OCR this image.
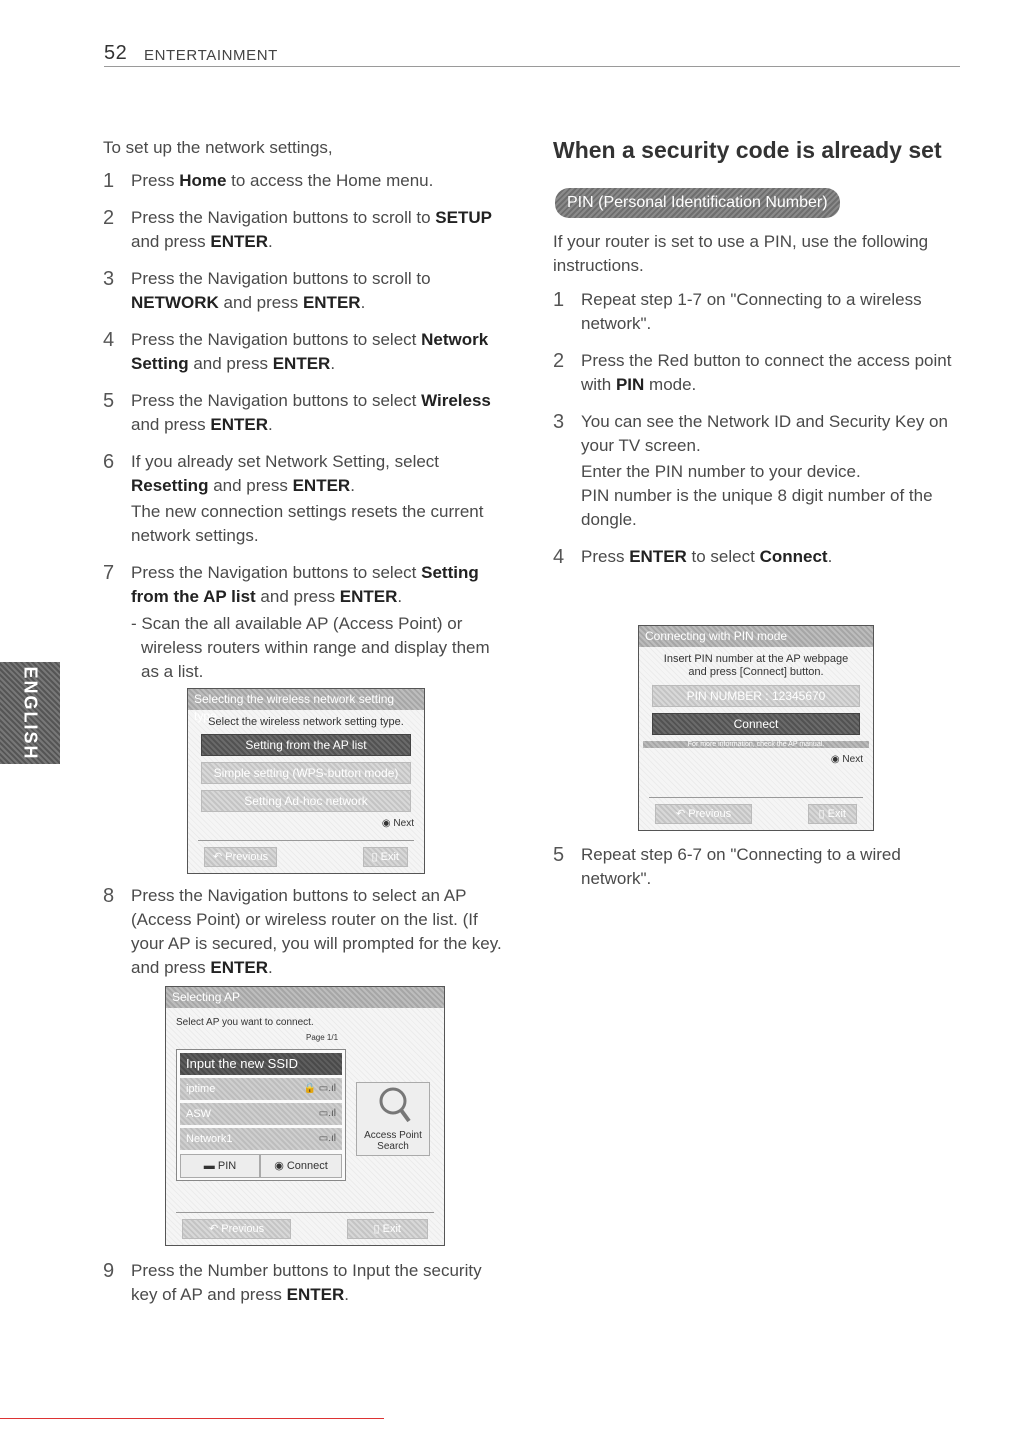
52 ENTERTAINMENT
ENGLISH

To set up the network settings,

1 Press Home to access the Home menu.
2 Press the Navigation buttons to scroll to SETUP and press ENTER.
3 Press the Navigation buttons to scroll to NETWORK and press ENTER.
4 Press the Navigation buttons to select Network Setting and press ENTER.
5 Press the Navigation buttons to select Wireless and press ENTER.
6 If you already set Network Setting, select Resetting and press ENTER.
The new connection settings resets the current network settings.
7 Press the Navigation buttons to select Setting from the AP list and press ENTER.
- Scan the all available AP (Access Point) or wireless routers within range and display them as a list.
Selecting the wireless network setting type
Select the wireless network setting type.
Setting from the AP list
Simple setting (WPS-button mode)
Setting Ad-hoc network
◉ Next
↶ Previous	▯ Exit
8 Press the Navigation buttons to select an AP (Access Point) or wireless router on the list. (If your AP is secured, you will prompted for the key. and press ENTER.
Selecting AP
Select AP you want to connect.
Page 1/1
Input the new SSID
iptime	🔒 ▭.ıl
ASW	▭.ıl
Network1	▭.ıl
▬ PIN	◉ Connect
Access Point Search
↶ Previous	▯ Exit
9 Press the Number buttons to Input the security key of AP and press ENTER.
When a security code is already set
PIN (Personal Identification Number)

If your router is set to use a PIN, use the following instructions.

1 Repeat step 1-7 on "Connecting to a wireless network".
2 Press the Red button to connect the access point with PIN mode.
3 You can see the Network ID and Security Key on your TV screen.
Enter the PIN number to your device.
PIN number is the unique 8 digit number of the dongle.
4 Press ENTER to select Connect.
Connecting with PIN mode
Insert PIN number at the AP webpage and press [Connect] button.
PIN NUMBER : 12345670
Connect
For more information, check the AP manual.
◉ Next
↶ Previous	▯ Exit
5 Repeat step 6-7 on "Connecting to a wired network".
